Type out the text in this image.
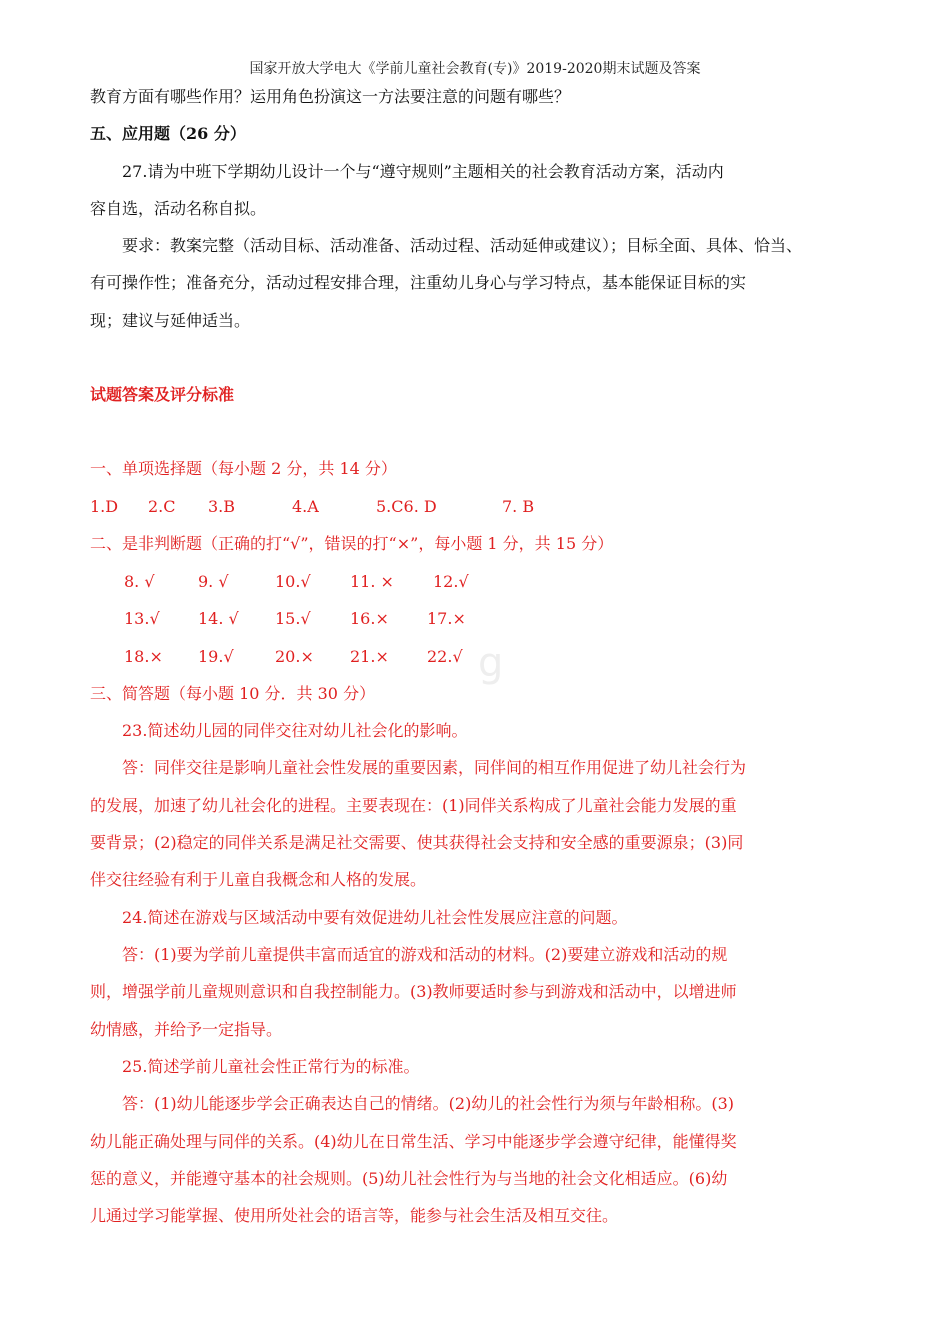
国家开放大学电大《学前儿童社会教育(专)》2019-2020期末试题及答案
教育方面有哪些作用？运用角色扮演这一方法要注意的问题有哪些？
五、应用题（26 分）
27.请为中班下学期幼儿设计一个与“遵守规则”主题相关的社会教育活动方案，活动内
容自选，活动名称自拟。
要求：教案完整（活动目标、活动准备、活动过程、活动延伸或建议）；目标全面、具体、恰当、
有可操作性；准备充分，活动过程安排合理，注重幼儿身心与学习特点，基本能保证目标的实
现；建议与延伸适当。
试题答案及评分标准
一、单项选择题（每小题 2 分，共 14 分）
1.D 2.C 3.B	4.A	5.C6. D	7. B
二、是非判断题（正确的打“√”，错误的打“×”，每小题 1 分，共 15 分）
8. √	9. √	10.√ 11. × 12.√
13.√ 14. √ 15.√ 16.× 17.×
18.× 19.√	20.× 21.× 22.√ g
三、简答题（每小题 10 分．共 30 分）
23.简述幼儿园的同伴交往对幼儿社会化的影响。
答：同伴交往是影响儿童社会性发展的重要因素，同伴间的相互作用促进了幼儿社会行为
的发展，加速了幼儿社会化的进程。主要表现在：(1)同伴关系构成了儿童社会能力发展的重
要背景；(2)稳定的同伴关系是满足社交需要、使其获得社会支持和安全感的重要源泉；(3)同
伴交往经验有利于儿童自我概念和人格的发展。
24.简述在游戏与区域活动中要有效促进幼儿社会性发展应注意的问题。
答：(1)要为学前儿童提供丰富而适宜的游戏和活动的材料。(2)要建立游戏和活动的规
则，增强学前儿童规则意识和自我控制能力。(3)教师要适时参与到游戏和活动中，以增进师
幼情感，并给予一定指导。
25.简述学前儿童社会性正常行为的标准。
答：(1)幼儿能逐步学会正确表达自己的情绪。(2)幼儿的社会性行为须与年龄相称。(3)
幼儿能正确处理与同伴的关系。(4)幼儿在日常生活、学习中能逐步学会遵守纪律，能懂得奖
惩的意义，并能遵守基本的社会规则。(5)幼儿社会性行为与当地的社会文化相适应。(6)幼
儿通过学习能掌握、使用所处社会的语言等，能参与社会生活及相互交往。
